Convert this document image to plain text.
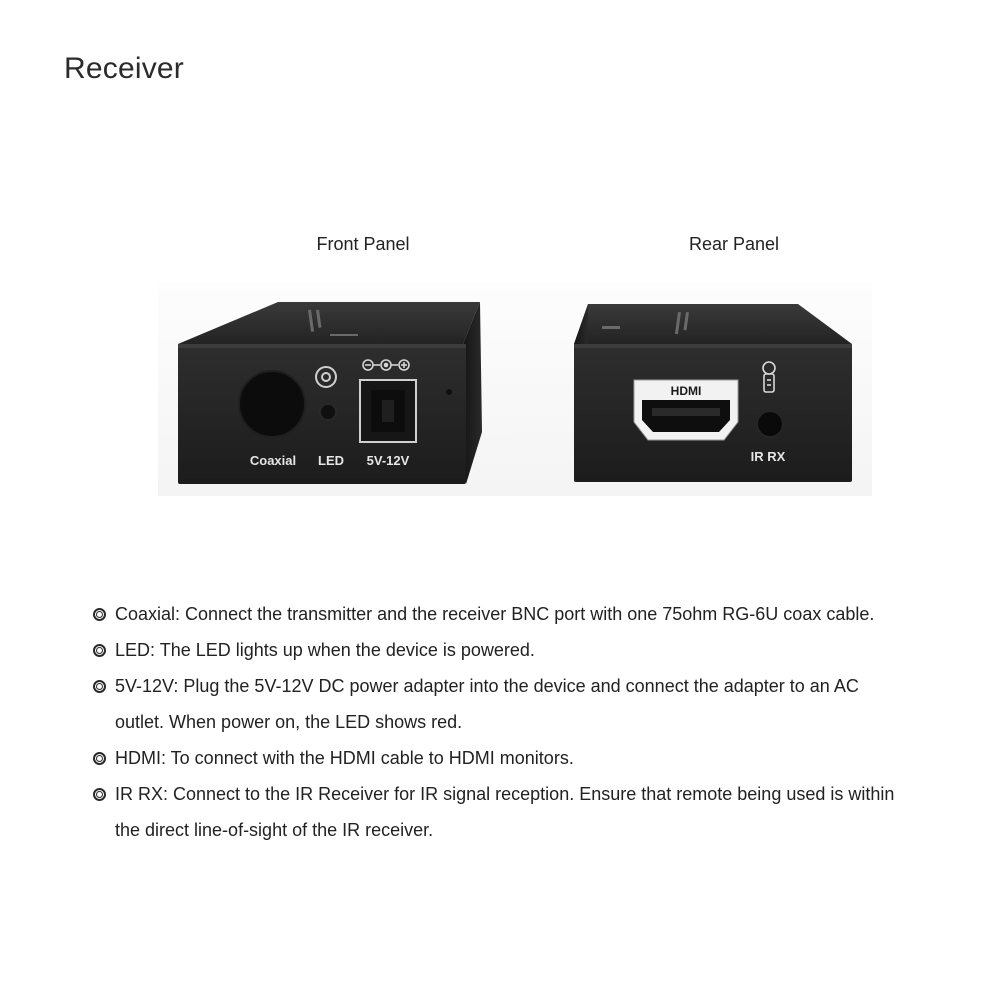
Receiver
Front Panel	Rear Panel
Coaxial LED 5V-12V
HDMI
IR RX
Coaxial: Connect the transmitter and the receiver BNC port with one 75ohm RG-6U coax cable.
LED: The LED lights up when the device is powered.
5V-12V: Plug the 5V-12V DC power adapter into the device and connect the adapter to an AC outlet. When power on, the LED shows red.
HDMI: To connect with the HDMI cable to HDMI monitors.
IR RX: Connect to the IR Receiver for IR signal reception. Ensure that remote being used is within the direct line-of-sight of the IR receiver.
